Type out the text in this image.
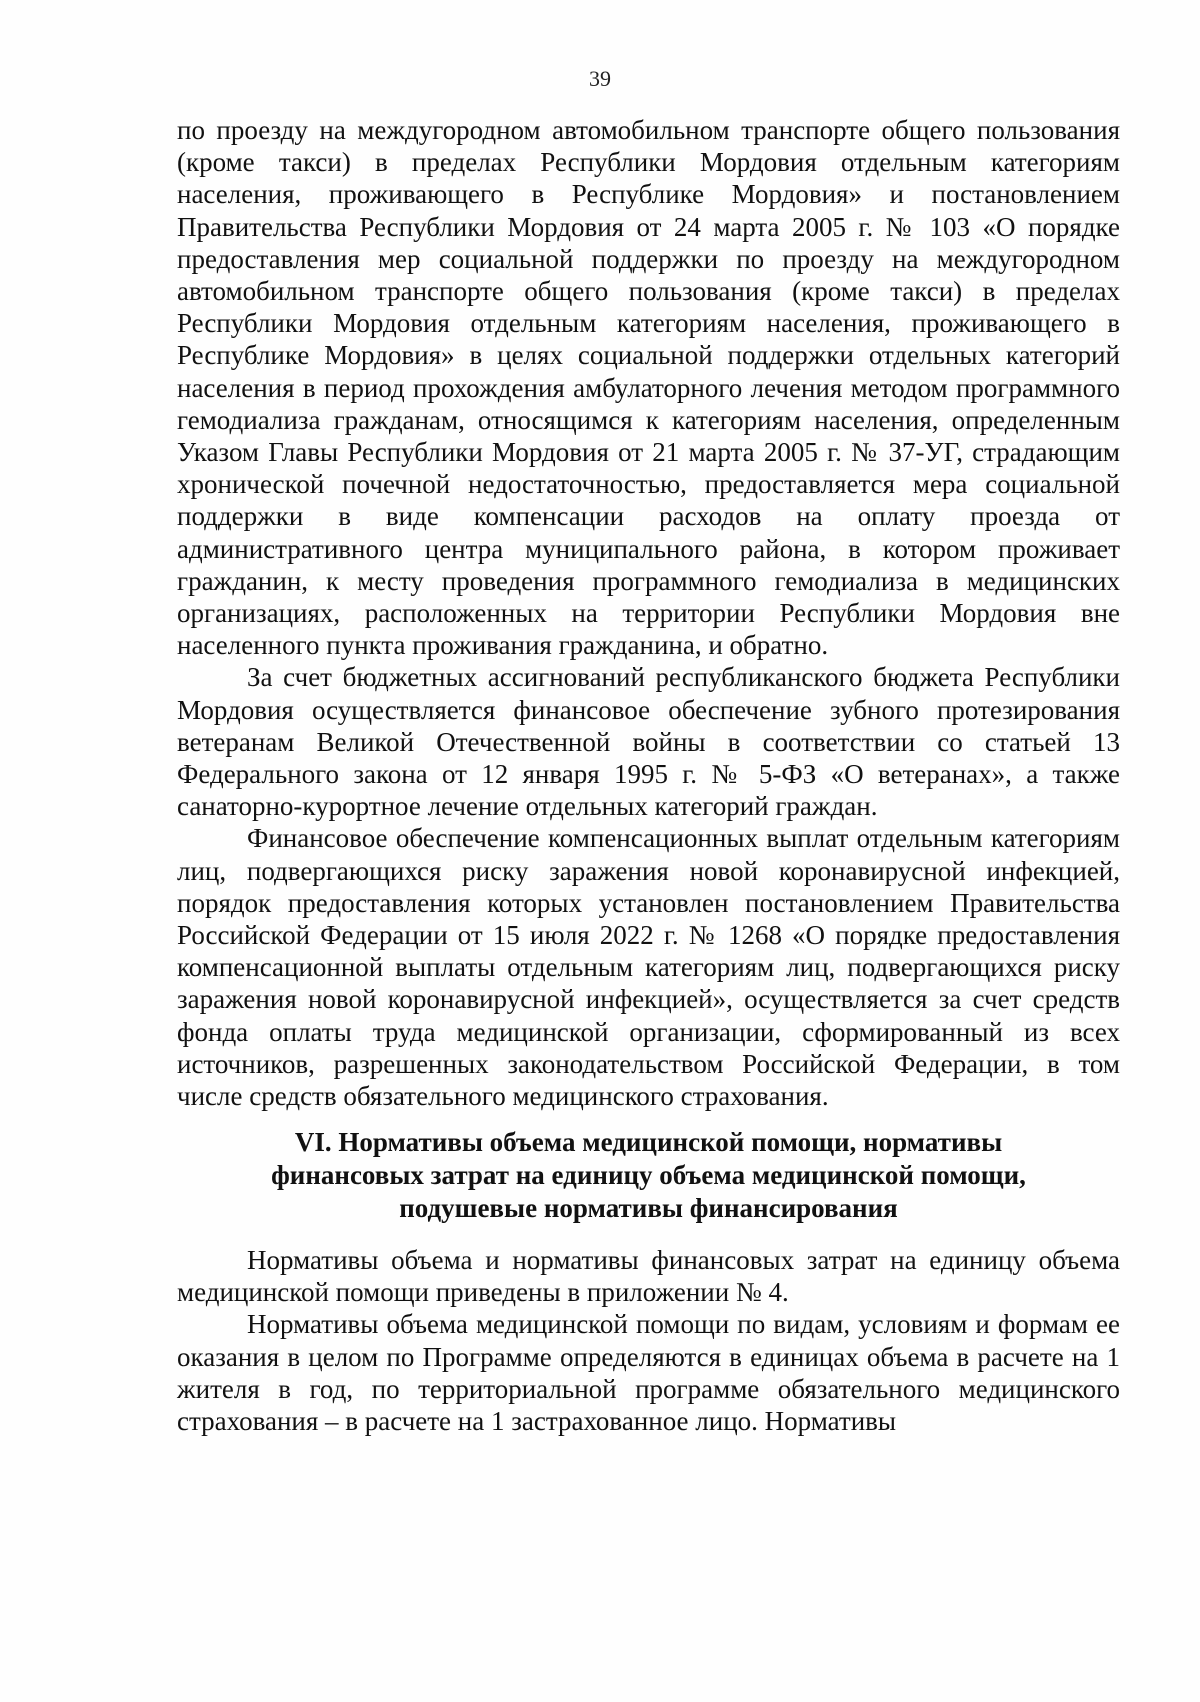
39

по проезду на междугородном автомобильном транспорте общего пользования (кроме такси) в пределах Республики Мордовия отдельным категориям населения, проживающего в Республике Мордовия» и постановлением Правительства Республики Мордовия от 24 марта 2005 г. № 103 «О порядке предоставления мер социальной поддержки по проезду на междугородном автомобильном транспорте общего пользования (кроме такси) в пределах Республики Мордовия отдельным категориям населения, проживающего в Республике Мордовия» в целях социальной поддержки отдельных категорий населения в период прохождения амбулаторного лечения методом программного гемодиализа гражданам, относящимся к категориям населения, определенным Указом Главы Республики Мордовия от 21 марта 2005 г. № 37-УГ, страдающим хронической почечной недостаточностью, предоставляется мера социальной поддержки в виде компенсации расходов на оплату проезда от административного центра муниципального района, в котором проживает гражданин, к месту проведения программного гемодиализа в медицинских организациях, расположенных на территории Республики Мордовия вне населенного пункта проживания гражданина, и обратно.

За счет бюджетных ассигнований республиканского бюджета Республики Мордовия осуществляется финансовое обеспечение зубного протезирования ветеранам Великой Отечественной войны в соответствии со статьей 13 Федерального закона от 12 января 1995 г. № 5-ФЗ «О ветеранах», а также санаторно-курортное лечение отдельных категорий граждан.

Финансовое обеспечение компенсационных выплат отдельным категориям лиц, подвергающихся риску заражения новой коронавирусной инфекцией, порядок предоставления которых установлен постановлением Правительства Российской Федерации от 15 июля 2022 г. № 1268 «О порядке предоставления компенсационной выплаты отдельным категориям лиц, подвергающихся риску заражения новой коронавирусной инфекцией», осуществляется за счет средств фонда оплаты труда медицинской организации, сформированный из всех источников, разрешенных законодательством Российской Федерации, в том числе средств обязательного медицинского страхования.

VI. Нормативы объема медицинской помощи, нормативы
финансовых затрат на единицу объема медицинской помощи,
подушевые нормативы финансирования

Нормативы объема и нормативы финансовых затрат на единицу объема медицинской помощи приведены в приложении № 4.

Нормативы объема медицинской помощи по видам, условиям и формам ее оказания в целом по Программе определяются в единицах объема в расчете на 1 жителя в год, по территориальной программе обязательного медицинского страхования – в расчете на 1 застрахованное лицо. Нормативы
